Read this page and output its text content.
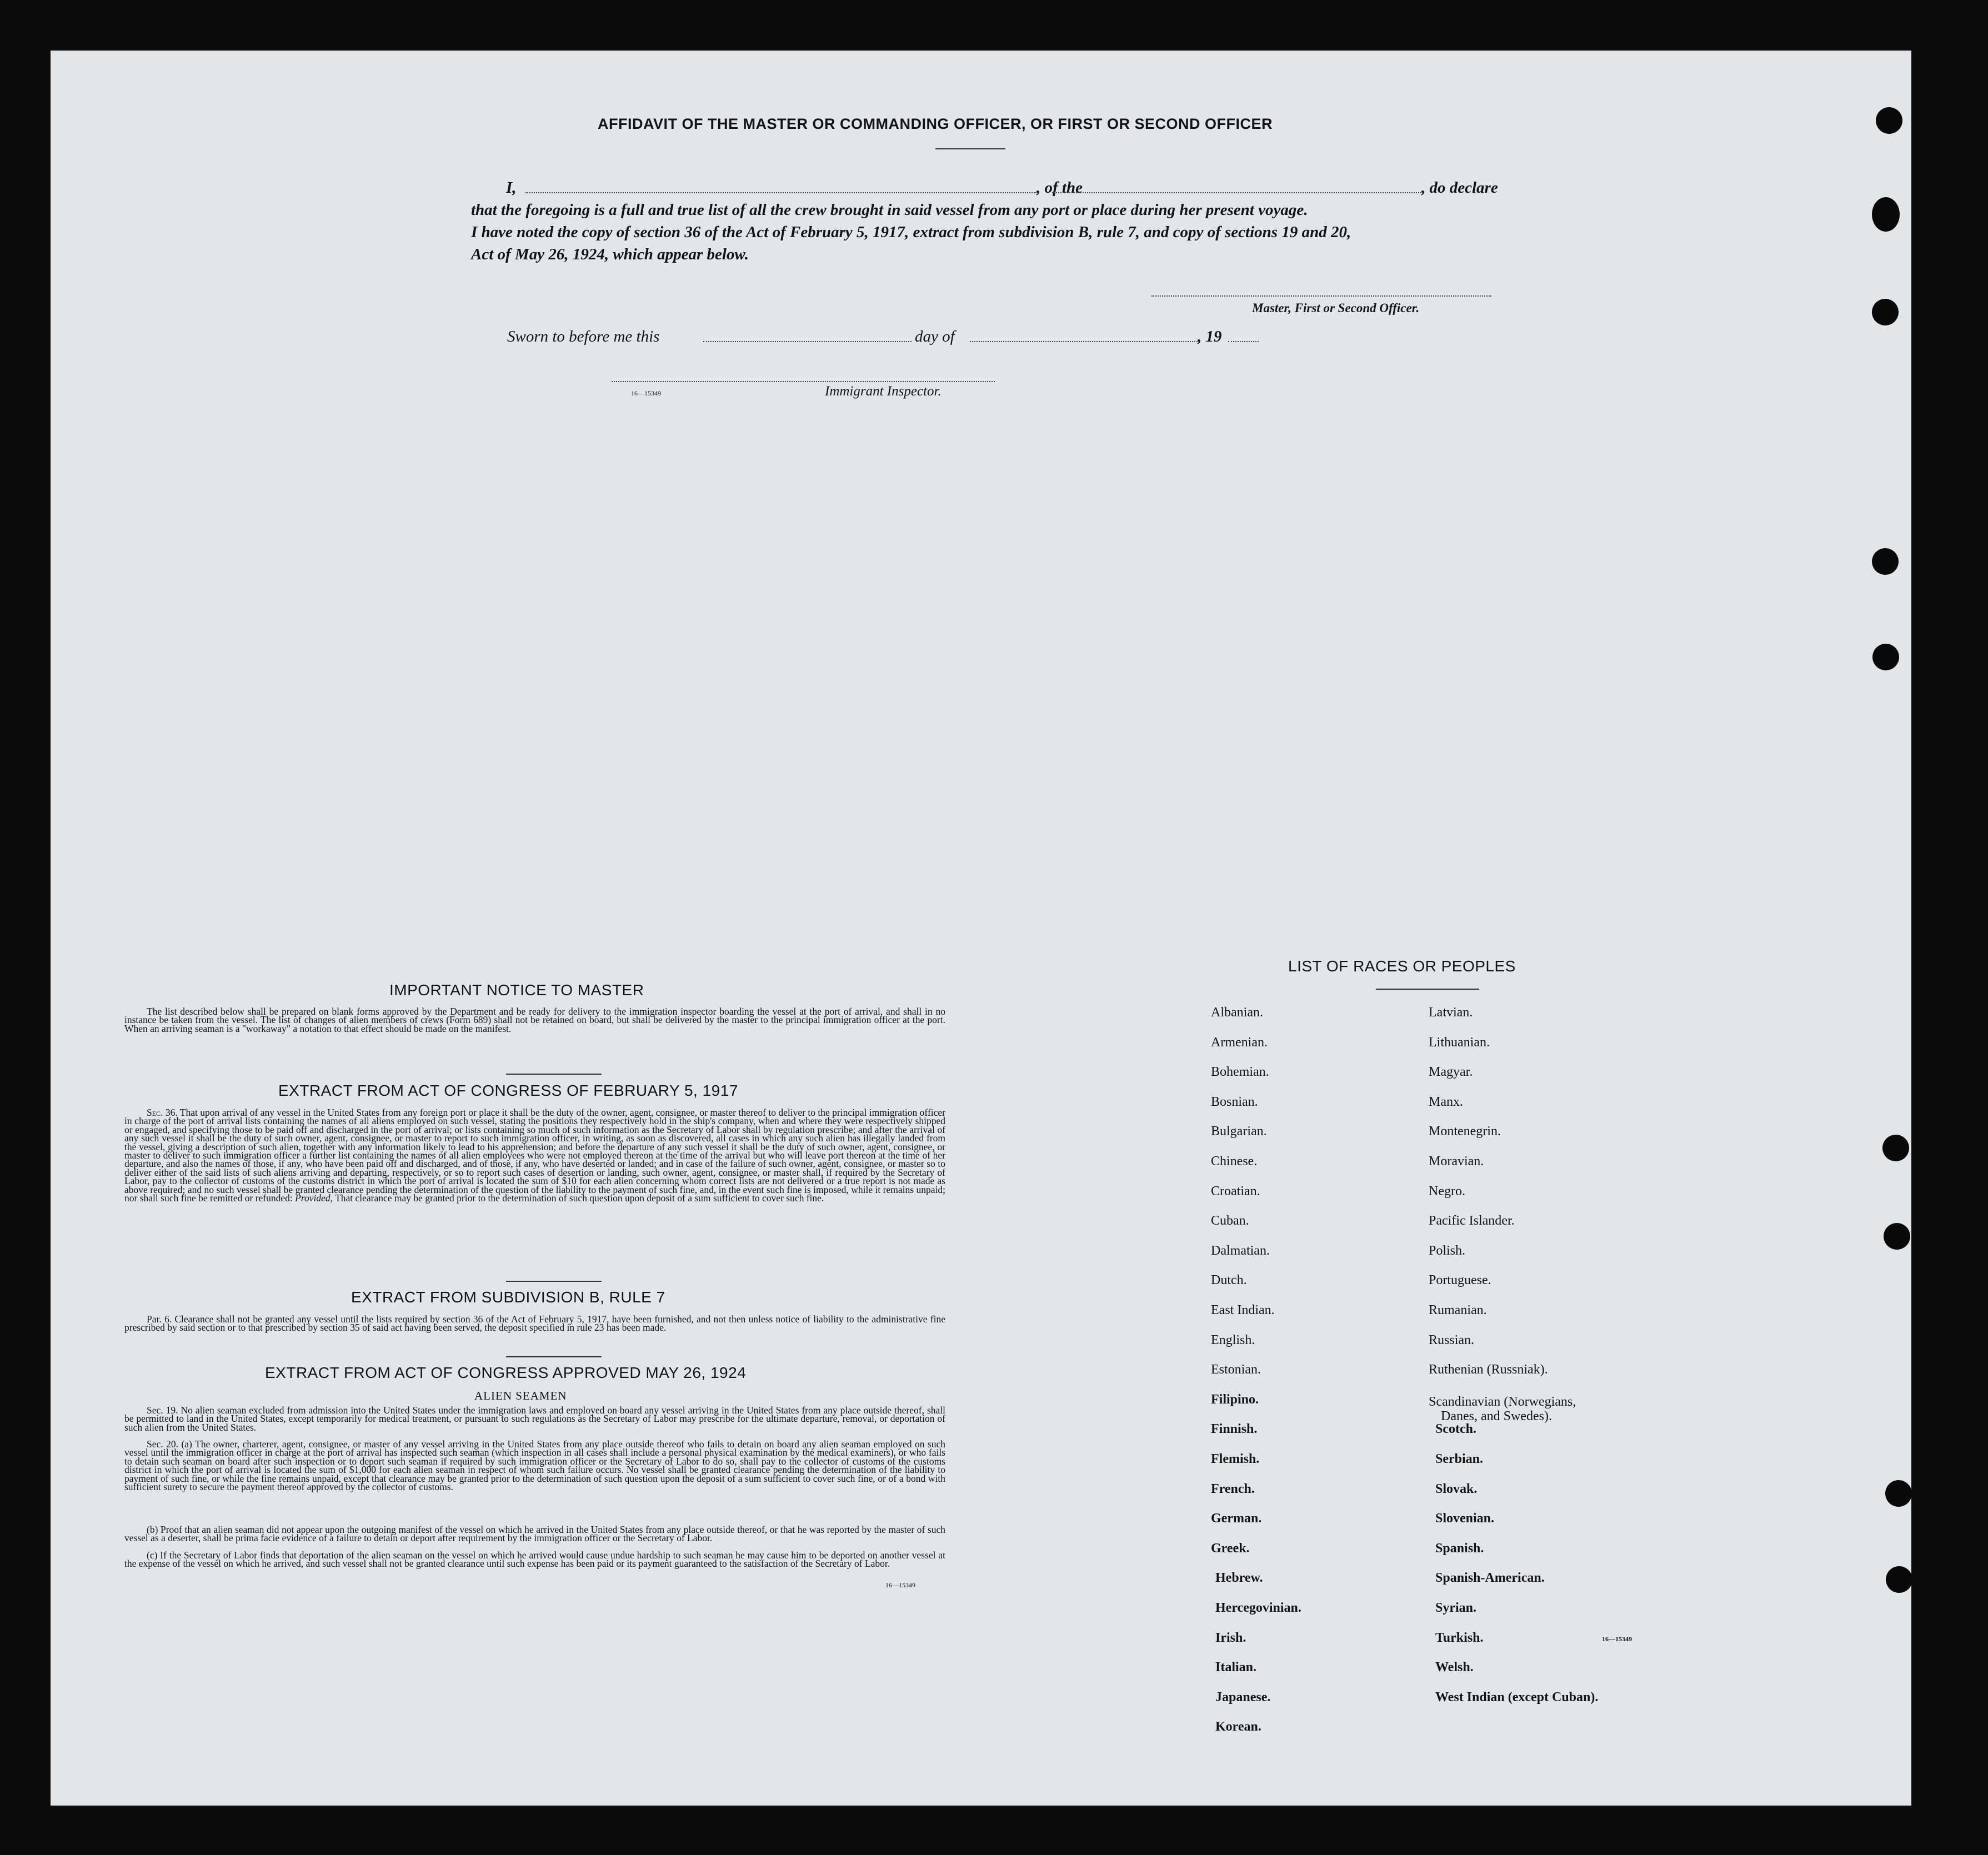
AFFIDAVIT OF THE MASTER OR COMMANDING OFFICER, OR FIRST OR SECOND OFFICER
I,	, of the	, do declare
that the foregoing is a full and true list of all the crew brought in said vessel from any port or place during her present voyage.
I have noted the copy of section 36 of the Act of February 5, 1917, extract from subdivision B, rule 7, and copy of sections 19 and 20,
Act of May 26, 1924, which appear below.
Master, First or Second Officer.
Sworn to before me this	day of	, 19
16—15349	Immigrant Inspector.
IMPORTANT NOTICE TO MASTER
The list described below shall be prepared on blank forms approved by the Department and be ready for delivery to the immigration inspector boarding the vessel at the port of arrival, and shall in no instance be taken from the vessel. The list of changes of alien members of crews (Form 689) shall not be retained on board, but shall be delivered by the master to the principal immigration officer at the port. When an arriving seaman is a "workaway" a notation to that effect should be made on the manifest.
EXTRACT FROM ACT OF CONGRESS OF FEBRUARY 5, 1917
Sec. 36. That upon arrival of any vessel in the United States from any foreign port or place it shall be the duty of the owner, agent, consignee, or master thereof to deliver to the principal immigration officer in charge of the port of arrival lists containing the names of all aliens employed on such vessel, stating the positions they respectively hold in the ship's company, when and where they were respectively shipped or engaged, and specifying those to be paid off and discharged in the port of arrival; or lists containing so much of such information as the Secretary of Labor shall by regulation prescribe; and after the arrival of any such vessel it shall be the duty of such owner, agent, consignee, or master to report to such immigration officer, in writing, as soon as discovered, all cases in which any such alien has illegally landed from the vessel, giving a description of such alien, together with any information likely to lead to his apprehension; and before the departure of any such vessel it shall be the duty of such owner, agent, consignee, or master to deliver to such immigration officer a further list containing the names of all alien employees who were not employed thereon at the time of the arrival but who will leave port thereon at the time of her departure, and also the names of those, if any, who have been paid off and discharged, and of those, if any, who have deserted or landed; and in case of the failure of such owner, agent, consignee, or master so to deliver either of the said lists of such aliens arriving and departing, respectively, or so to report such cases of desertion or landing, such owner, agent, consignee, or master shall, if required by the Secretary of Labor, pay to the collector of customs of the customs district in which the port of arrival is located the sum of $10 for each alien concerning whom correct lists are not delivered or a true report is not made as above required; and no such vessel shall be granted clearance pending the determination of the question of the liability to the payment of such fine, and, in the event such fine is imposed, while it remains unpaid; nor shall such fine be remitted or refunded: Provided, That clearance may be granted prior to the determination of such question upon deposit of a sum sufficient to cover such fine.
EXTRACT FROM SUBDIVISION B, RULE 7
Par. 6. Clearance shall not be granted any vessel until the lists required by section 36 of the Act of February 5, 1917, have been furnished, and not then unless notice of liability to the administrative fine prescribed by said section or to that prescribed by section 35 of said act having been served, the deposit specified in rule 23 has been made.
EXTRACT FROM ACT OF CONGRESS APPROVED MAY 26, 1924
ALIEN SEAMEN
Sec. 19. No alien seaman excluded from admission into the United States under the immigration laws and employed on board any vessel arriving in the United States from any place outside thereof, shall be permitted to land in the United States, except temporarily for medical treatment, or pursuant to such regulations as the Secretary of Labor may prescribe for the ultimate departure, removal, or deportation of such alien from the United States.
Sec. 20. (a) The owner, charterer, agent, consignee, or master of any vessel arriving in the United States from any place outside thereof who fails to detain on board any alien seaman employed on such vessel until the immigration officer in charge at the port of arrival has inspected such seaman (which inspection in all cases shall include a personal physical examination by the medical examiners), or who fails to detain such seaman on board after such inspection or to deport such seaman if required by such immigration officer or the Secretary of Labor to do so, shall pay to the collector of customs of the customs district in which the port of arrival is located the sum of $1,000 for each alien seaman in respect of whom such failure occurs. No vessel shall be granted clearance pending the determination of the liability to payment of such fine, or while the fine remains unpaid, except that clearance may be granted prior to the determination of such question upon the deposit of a sum sufficient to cover such fine, or of a bond with sufficient surety to secure the payment thereof approved by the collector of customs.
(b) Proof that an alien seaman did not appear upon the outgoing manifest of the vessel on which he arrived in the United States from any place outside thereof, or that he was reported by the master of such vessel as a deserter, shall be prima facie evidence of a failure to detain or deport after requirement by the immigration officer or the Secretary of Labor.
(c) If the Secretary of Labor finds that deportation of the alien seaman on the vessel on which he arrived would cause undue hardship to such seaman he may cause him to be deported on another vessel at the expense of the vessel on which he arrived, and such vessel shall not be granted clearance until such expense has been paid or its payment guaranteed to the satisfaction of the Secretary of Labor.
16—15349
LIST OF RACES OR PEOPLES
Albanian.
Armenian.
Bohemian.
Bosnian.
Bulgarian.
Chinese.
Croatian.
Cuban.
Dalmatian.
Dutch.
East Indian.
English.
Estonian.
Filipino.
Finnish.
Flemish.
French.
German.
Greek.
Hebrew.
Hercegovinian.
Irish.
Italian.
Japanese.
Korean.
Latvian.
Lithuanian.
Magyar.
Manx.
Montenegrin.
Moravian.
Negro.
Pacific Islander.
Polish.
Portuguese.
Rumanian.
Russian.
Ruthenian (Russniak).
Scandinavian (Norwegians,
Danes, and Swedes).
Scotch.
Serbian.
Slovak.
Slovenian.
Spanish.
Spanish-American.
Syrian.
Turkish.
Welsh.
West Indian (except Cuban).
16—15349
